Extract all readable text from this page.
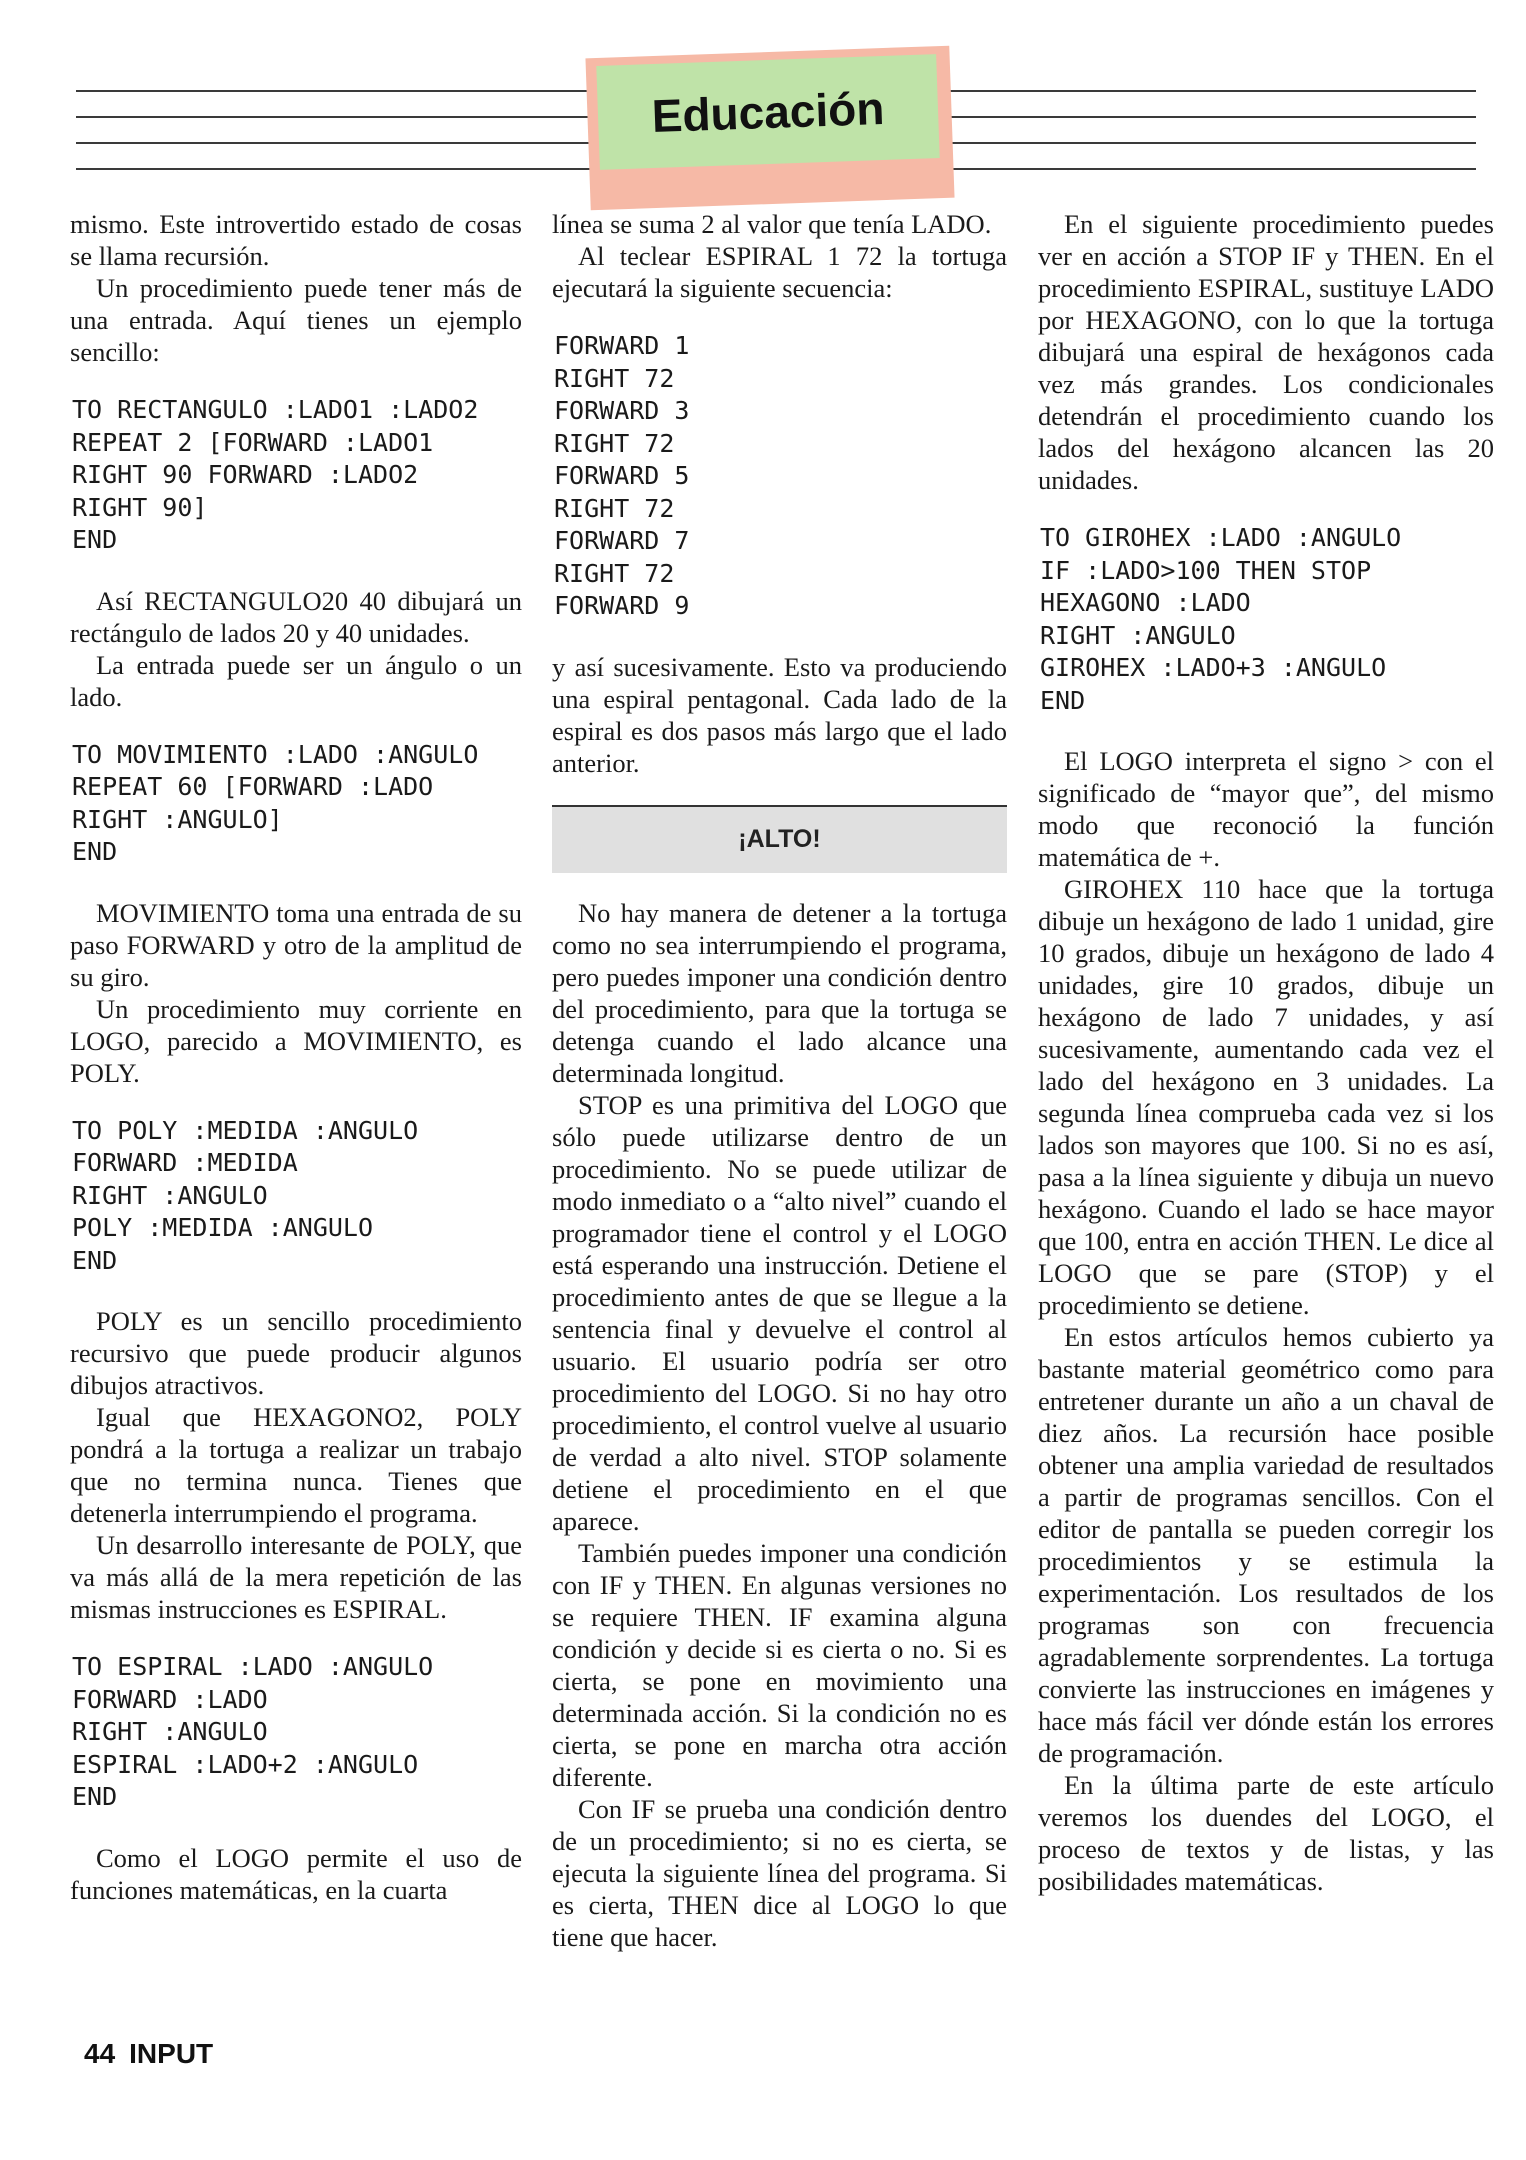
Educación

mismo. Este introvertido estado de cosas se llama recursión.

Un procedimiento puede tener más de una entrada. Aquí tienes un ejemplo sencillo:

TO RECTANGULO :LADO1 :LADO2
REPEAT 2 [FORWARD :LADO1
RIGHT 90 FORWARD :LADO2
RIGHT 90]
END

Así RECTANGULO20 40 dibujará un rectángulo de lados 20 y 40 unidades.

La entrada puede ser un ángulo o un lado.

TO MOVIMIENTO :LADO :ANGULO
REPEAT 60 [FORWARD :LADO
RIGHT :ANGULO]
END

MOVIMIENTO toma una entrada de su paso FORWARD y otro de la amplitud de su giro.

Un procedimiento muy corriente en LOGO, parecido a MOVIMIENTO, es POLY.

TO POLY :MEDIDA :ANGULO
FORWARD :MEDIDA
RIGHT :ANGULO
POLY :MEDIDA :ANGULO
END

POLY es un sencillo procedimiento recursivo que puede producir algunos dibujos atractivos.

Igual que HEXAGONO2, POLY pondrá a la tortuga a realizar un trabajo que no termina nunca. Tienes que detenerla interrumpiendo el programa.

Un desarrollo interesante de POLY, que va más allá de la mera repetición de las mismas instrucciones es ESPIRAL.

TO ESPIRAL :LADO :ANGULO
FORWARD :LADO
RIGHT :ANGULO
ESPIRAL :LADO+2 :ANGULO
END

Como el LOGO permite el uso de funciones matemáticas, en la cuarta

línea se suma 2 al valor que tenía LADO.

Al teclear ESPIRAL 1 72 la tortuga ejecutará la siguiente secuencia:

FORWARD 1
RIGHT 72
FORWARD 3
RIGHT 72
FORWARD 5
RIGHT 72
FORWARD 7
RIGHT 72
FORWARD 9

y así sucesivamente. Esto va produciendo una espiral pentagonal. Cada lado de la espiral es dos pasos más largo que el lado anterior.

¡ALTO!

No hay manera de detener a la tortuga como no sea interrumpiendo el programa, pero puedes imponer una condición dentro del procedimiento, para que la tortuga se detenga cuando el lado alcance una determinada longitud.

STOP es una primitiva del LOGO que sólo puede utilizarse dentro de un procedimiento. No se puede utilizar de modo inmediato o a “alto nivel” cuando el programador tiene el control y el LOGO está esperando una instrucción. Detiene el procedimiento antes de que se llegue a la sentencia final y devuelve el control al usuario. El usuario podría ser otro procedimiento del LOGO. Si no hay otro procedimiento, el control vuelve al usuario de verdad a alto nivel. STOP solamente detiene el procedimiento en el que aparece.

También puedes imponer una condición con IF y THEN. En algunas versiones no se requiere THEN. IF examina alguna condición y decide si es cierta o no. Si es cierta, se pone en movimiento una determinada acción. Si la condición no es cierta, se pone en marcha otra acción diferente.

Con IF se prueba una condición dentro de un procedimiento; si no es cierta, se ejecuta la siguiente línea del programa. Si es cierta, THEN dice al LOGO lo que tiene que hacer.

En el siguiente procedimiento puedes ver en acción a STOP IF y THEN. En el procedimiento ESPIRAL, sustituye LADO por HEXAGONO, con lo que la tortuga dibujará una espiral de hexágonos cada vez más grandes. Los condicionales detendrán el procedimiento cuando los lados del hexágono alcancen las 20 unidades.

TO GIROHEX :LADO :ANGULO
IF :LADO>100 THEN STOP
HEXAGONO :LADO
RIGHT :ANGULO
GIROHEX :LADO+3 :ANGULO
END

El LOGO interpreta el signo > con el significado de “mayor que”, del mismo modo que reconoció la función matemática de +.

GIROHEX 110 hace que la tortuga dibuje un hexágono de lado 1 unidad, gire 10 grados, dibuje un hexágono de lado 4 unidades, gire 10 grados, dibuje un hexágono de lado 7 unidades, y así sucesivamente, aumentando cada vez el lado del hexágono en 3 unidades. La segunda línea comprueba cada vez si los lados son mayores que 100. Si no es así, pasa a la línea siguiente y dibuja un nuevo hexágono. Cuando el lado se hace mayor que 100, entra en acción THEN. Le dice al LOGO que se pare (STOP) y el procedimiento se detiene.

En estos artículos hemos cubierto ya bastante material geométrico como para entretener durante un año a un chaval de diez años. La recursión hace posible obtener una amplia variedad de resultados a partir de programas sencillos. Con el editor de pantalla se pueden corregir los procedimientos y se estimula la experimentación. Los resultados de los programas son con frecuencia agradablemente sorprendentes. La tortuga convierte las instrucciones en imágenes y hace más fácil ver dónde están los errores de programación.

En la última parte de este artículo veremos los duendes del LOGO, el proceso de textos y de listas, y las posibilidades matemáticas.

44 INPUT
